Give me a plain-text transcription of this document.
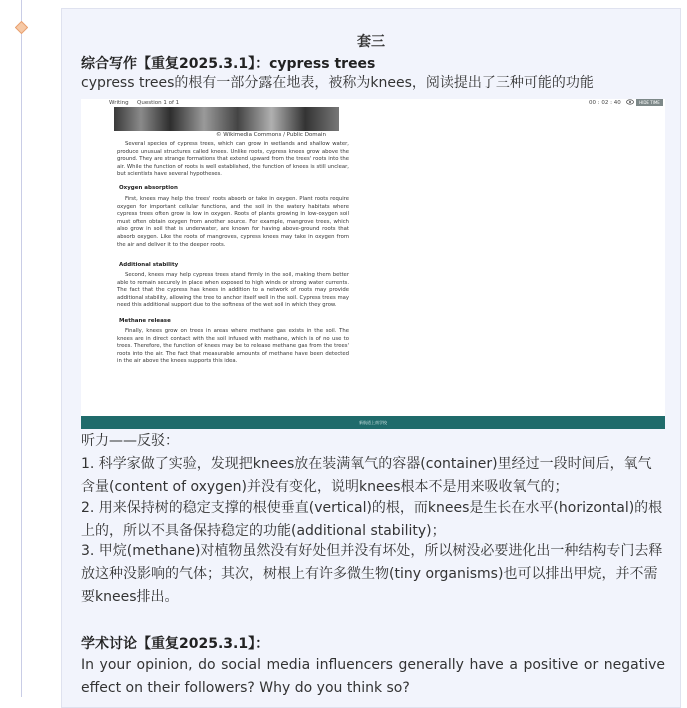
套三
综合写作【重复2025.3.1】：cypress trees
cypress trees的根有一部分露在地表，被称为knees，阅读提出了三种可能的功能
Writing Question 1 of 1	00 : 02 : 40	HIDE TIME
© Wikimedia Commons / Public Domain
Several species of cypress trees, which can grow in wetlands and shallow water, produce unusual structures called knees. Unlike roots, cypress knees grow above the ground. They are strange formations that extend upward from the trees' roots into the air. While the function of roots is well established, the function of knees is still unclear, but scientists have several hypotheses.
Oxygen absorption
First, knees may help the trees' roots absorb or take in oxygen. Plant roots require oxygen for important cellular functions, and the soil in the watery habitats where cypress trees often grow is low in oxygen. Roots of plants growing in low-oxygen soil must often obtain oxygen from another source. For example, mangrove trees, which also grow in soil that is underwater, are known for having above-ground roots that absorb oxygen. Like the roots of mangroves, cypress knees may take in oxygen from the air and deliver it to the deeper roots.
Additional stability
Second, knees may help cypress trees stand firmly in the soil, making them better able to remain securely in place when exposed to high winds or strong water currents. The fact that the cypress has knees in addition to a network of roots may provide additional stability, allowing the tree to anchor itself well in the soil. Cypress trees may need this additional support due to the softness of the wet soil in which they grow.
Methane release
Finally, knees grow on trees in areas where methane gas exists in the soil. The knees are in direct contact with the soil infused with methane, which is of no use to trees. Therefore, the function of knees may be to release methane gas from the trees' roots into the air. The fact that measurable amounts of methane have been detected in the air above the knees supports this idea.
新航道上南学校
听力——反驳：
1. 科学家做了实验，发现把knees放在装满氧气的容器(container)里经过一段时间后，氧气含量(content of oxygen)并没有变化，说明knees根本不是用来吸收氧气的；
2. 用来保持树的稳定支撑的根使垂直(vertical)的根，而knees是生长在水平(horizontal)的根上的，所以不具备保持稳定的功能(additional stability)；
3. 甲烷(methane)对植物虽然没有好处但并没有坏处，所以树没必要进化出一种结构专门去释放这种没影响的气体；其次，树根上有许多微生物(tiny organisms)也可以排出甲烷，并不需要knees排出。
学术讨论【重复2025.3.1】：
In your opinion, do social media influencers generally have a positive or negative effect on their followers? Why do you think so?
